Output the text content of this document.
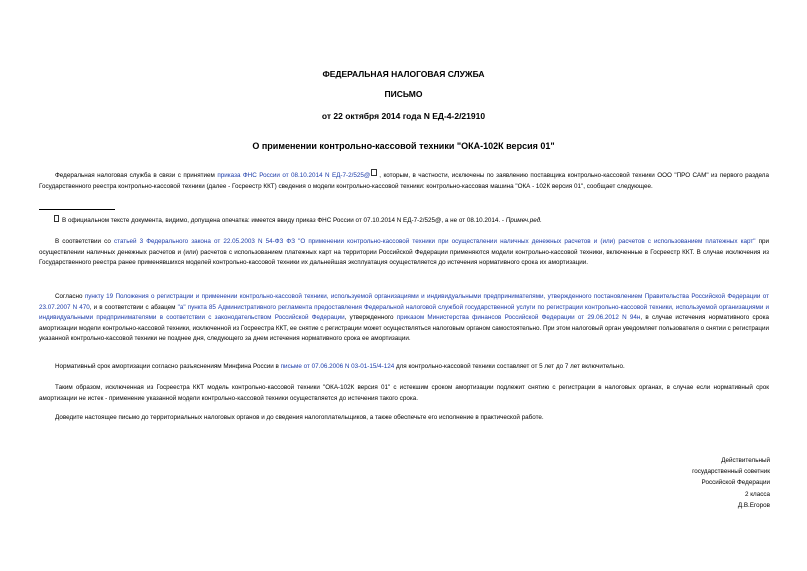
ФЕДЕРАЛЬНАЯ НАЛОГОВАЯ СЛУЖБА
ПИСЬМО
от 22 октября 2014 года N ЕД-4-2/21910
О применении контрольно-кассовой техники "ОКА-102К версия 01"

Федеральная налоговая служба в связи с принятием приказа ФНС России от 08.10.2014 N ЕД-7-2/525@ , которым, в частности, исключены по заявлению поставщика контрольно-кассовой техники ООО "ПРО САМ" из первого раздела Государственного реестра контрольно-кассовой техники (далее - Госреестр ККТ) сведения о модели контрольно-кассовой техники: контрольно-кассовая машина "ОКА - 102К версия 01", сообщает следующее.

В официальном тексте документа, видимо, допущена опечатка: имеется ввиду приказ ФНС России от 07.10.2014 N ЕД-7-2/525@, а не от 08.10.2014. - Примеч.ред.

В соответствии со статьей 3 Федерального закона от 22.05.2003 N 54-ФЗ ФЗ "О применении контрольно-кассовой техники при осуществлении наличных денежных расчетов и (или) расчетов с использованием платежных карт" при осуществлении наличных денежных расчетов и (или) расчетов с использованием платежных карт на территории Российской Федерации применяются модели контрольно-кассовой техники, включенные в Госреестр ККТ. В случае исключения из Государственного реестра ранее применявшихся моделей контрольно-кассовой техники их дальнейшая эксплуатация осуществляется до истечения нормативного срока их амортизации.

Согласно пункту 19 Положения о регистрации и применении контрольно-кассовой техники, используемой организациями и индивидуальными предпринимателями, утвержденного постановлением Правительства Российской Федерации от 23.07.2007 N 470, и в соответствии с абзацем "а" пункта 85 Административного регламента предоставления Федеральной налоговой службой государственной услуги по регистрации контрольно-кассовой техники, используемой организациями и индивидуальными предпринимателями в соответствии с законодательством Российской Федерации, утвержденного приказом Министерства финансов Российской Федерации от 29.06.2012 N 94н, в случае истечения нормативного срока амортизации модели контрольно-кассовой техники, исключенной из Госреестра ККТ, ее снятие с регистрации может осуществляться налоговым органом самостоятельно. При этом налоговый орган уведомляет пользователя о снятии с регистрации указанной контрольно-кассовой техники не позднее дня, следующего за днем истечения нормативного срока ее амортизации.

Нормативный срок амортизации согласно разъяснениям Минфина России в письме от 07.06.2006 N 03-01-15/4-124 для контрольно-кассовой техники составляет от 5 лет до 7 лет включительно.

Таким образом, исключенная из Госреестра ККТ модель контрольно-кассовой техники "ОКА-102К версия 01" с истекшим сроком амортизации подлежит снятию с регистрации в налоговых органах, в случае если нормативный срок амортизации не истек - применение указанной модели контрольно-кассовой техники осуществляется до истечения такого срока.

Доведите настоящее письмо до территориальных налоговых органов и до сведения налогоплательщиков, а также обеспечьте его исполнение в практической работе.

Действительный
государственный советник
Российской Федерации
2 класса
Д.В.Егоров
